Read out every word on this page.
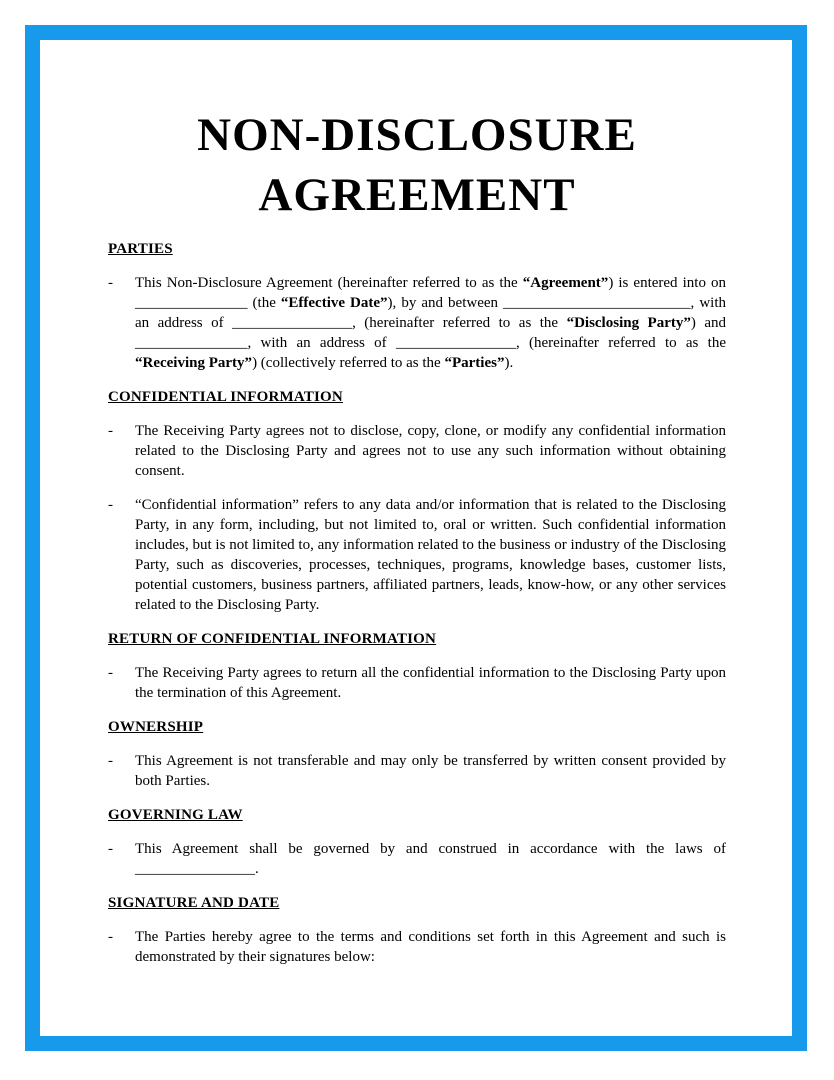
NON-DISCLOSURE AGREEMENT
PARTIES
-	This Non-Disclosure Agreement (hereinafter referred to as the “Agreement”) is entered into on _______________ (the “Effective Date”), by and between _________________________, with an address of ________________, (hereinafter referred to as the “Disclosing Party”) and _______________, with an address of ________________, (hereinafter referred to as the “Receiving Party”) (collectively referred to as the “Parties”).

CONFIDENTIAL INFORMATION
-	The Receiving Party agrees not to disclose, copy, clone, or modify any confidential information related to the Disclosing Party and agrees not to use any such information without obtaining consent.

-	“Confidential information” refers to any data and/or information that is related to the Disclosing Party, in any form, including, but not limited to, oral or written. Such confidential information includes, but is not limited to, any information related to the business or industry of the Disclosing Party, such as discoveries, processes, techniques, programs, knowledge bases, customer lists, potential customers, business partners, affiliated partners, leads, know-how, or any other services related to the Disclosing Party.

RETURN OF CONFIDENTIAL INFORMATION
-	The Receiving Party agrees to return all the confidential information to the Disclosing Party upon the termination of this Agreement.

OWNERSHIP
-	This Agreement is not transferable and may only be transferred by written consent provided by both Parties.

GOVERNING LAW
-	This Agreement shall be governed by and construed in accordance with the laws of ________________.

SIGNATURE AND DATE
-	The Parties hereby agree to the terms and conditions set forth in this Agreement and such is demonstrated by their signatures below:
